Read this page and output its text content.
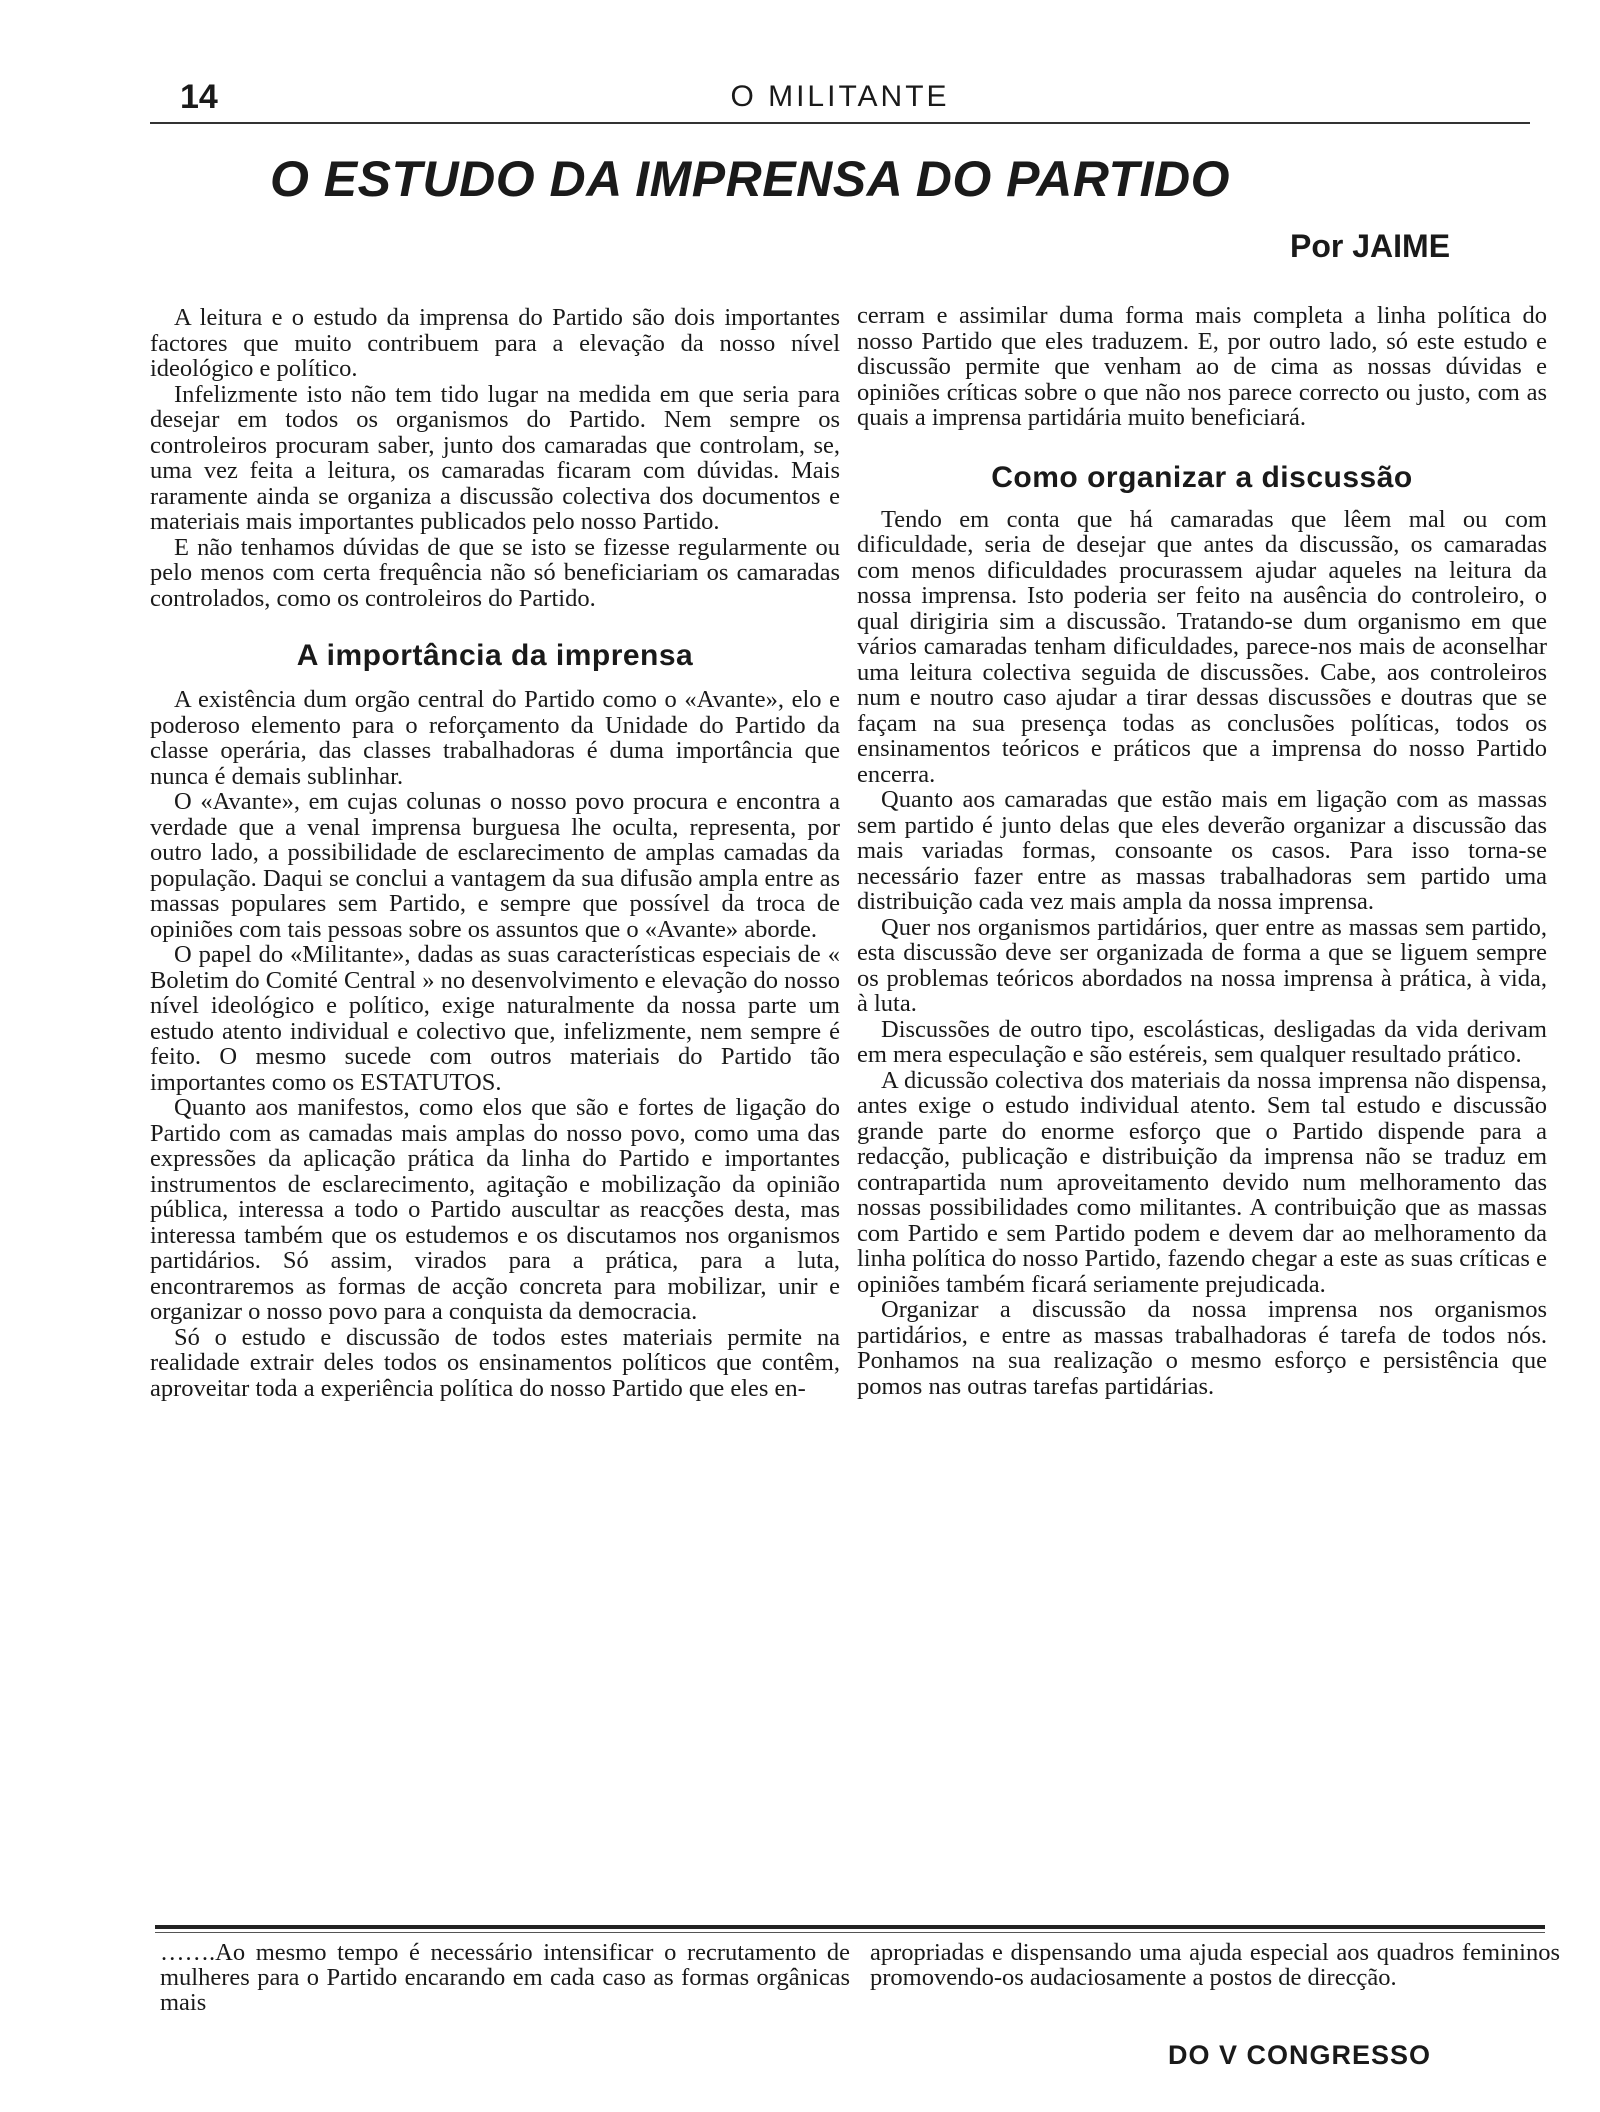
14	O MILITANTE
O ESTUDO DA IMPRENSA DO PARTIDO

Por JAIME

A leitura e o estudo da imprensa do Partido são dois importantes factores que muito contribuem para a elevação da nosso nível ideológico e político.

Infelizmente isto não tem tido lugar na medida em que seria para desejar em todos os organismos do Partido. Nem sempre os controleiros procuram saber, junto dos camaradas que controlam, se, uma vez feita a leitura, os camaradas ficaram com dúvidas. Mais raramente ainda se organiza a discussão colectiva dos documentos e materiais mais importantes publicados pelo nosso Partido.

E não tenhamos dúvidas de que se isto se fizesse regularmente ou pelo menos com certa frequência não só beneficiariam os camaradas controlados, como os controleiros do Partido.

A importância da imprensa

A existência dum orgão central do Partido como o «Avante», elo e poderoso elemento para o reforçamento da Unidade do Partido da classe operária, das classes trabalhadoras é duma importância que nunca é demais sublinhar.

O «Avante», em cujas colunas o nosso povo procura e encontra a verdade que a venal imprensa burguesa lhe oculta, representa, por outro lado, a possibilidade de esclarecimento de amplas camadas da população. Daqui se conclui a vantagem da sua difusão ampla entre as massas populares sem Partido, e sempre que possível da troca de opiniões com tais pessoas sobre os assuntos que o «Avante» aborde.

O papel do «Militante», dadas as suas características especiais de « Boletim do Comité Central » no desenvolvimento e elevação do nosso nível ideológico e político, exige naturalmente da nossa parte um estudo atento individual e colectivo que, infelizmente, nem sempre é feito. O mesmo sucede com outros materiais do Partido tão importantes como os ESTATUTOS.

Quanto aos manifestos, como elos que são e fortes de ligação do Partido com as camadas mais amplas do nosso povo, como uma das expressões da aplicação prática da linha do Partido e importantes instrumentos de esclarecimento, agitação e mobilização da opinião pública, interessa a todo o Partido auscultar as reacções desta, mas interessa também que os estudemos e os discutamos nos organismos partidários. Só assim, virados para a prática, para a luta, encontraremos as formas de acção concreta para mobilizar, unir e organizar o nosso povo para a conquista da democracia.

Só o estudo e discussão de todos estes materiais permite na realidade extrair deles todos os ensinamentos políticos que contêm, aproveitar toda a experiência política do nosso Partido que eles en-

cerram e assimilar duma forma mais completa a linha política do nosso Partido que eles traduzem. E, por outro lado, só este estudo e discussão permite que venham ao de cima as nossas dúvidas e opiniões críticas sobre o que não nos parece correcto ou justo, com as quais a imprensa partidária muito beneficiará.

Como organizar a discussão

Tendo em conta que há camaradas que lêem mal ou com dificuldade, seria de desejar que antes da discussão, os camaradas com menos dificuldades procurassem ajudar aqueles na leitura da nossa imprensa. Isto poderia ser feito na ausência do controleiro, o qual dirigiria sim a discussão. Tratando-se dum organismo em que vários camaradas tenham dificuldades, parece-nos mais de aconselhar uma leitura colectiva seguida de discussões. Cabe, aos controleiros num e noutro caso ajudar a tirar dessas discussões e doutras que se façam na sua presença todas as conclusões políticas, todos os ensinamentos teóricos e práticos que a imprensa do nosso Partido encerra.

Quanto aos camaradas que estão mais em ligação com as massas sem partido é junto delas que eles deverão organizar a discussão das mais variadas formas, consoante os casos. Para isso torna-se necessário fazer entre as massas trabalhadoras sem partido uma distribuição cada vez mais ampla da nossa imprensa.

Quer nos organismos partidários, quer entre as massas sem partido, esta discussão deve ser organizada de forma a que se liguem sempre os problemas teóricos abordados na nossa imprensa à prática, à vida, à luta.

Discussões de outro tipo, escolásticas, desligadas da vida derivam em mera especulação e são estéreis, sem qualquer resultado prático.

A dicussão colectiva dos materiais da nossa imprensa não dispensa, antes exige o estudo individual atento. Sem tal estudo e discussão grande parte do enorme esforço que o Partido dispende para a redacção, publicação e distribuição da imprensa não se traduz em contrapartida num aproveitamento devido num melhoramento das nossas possibilidades como militantes. A contribuição que as massas com Partido e sem Partido podem e devem dar ao melhoramento da linha política do nosso Partido, fazendo chegar a este as suas críticas e opiniões também ficará seriamente prejudicada.

Organizar a discussão da nossa imprensa nos organismos partidários, e entre as massas trabalhadoras é tarefa de todos nós. Ponhamos na sua realização o mesmo esforço e persistência que pomos nas outras tarefas partidárias.

…….Ao mesmo tempo é necessário intensificar o recrutamento de mulheres para o Partido encarando em cada caso as formas orgânicas mais

apropriadas e dispensando uma ajuda especial aos quadros femininos promovendo-os audaciosamente a postos de direcção.

DO V CONGRESSO
